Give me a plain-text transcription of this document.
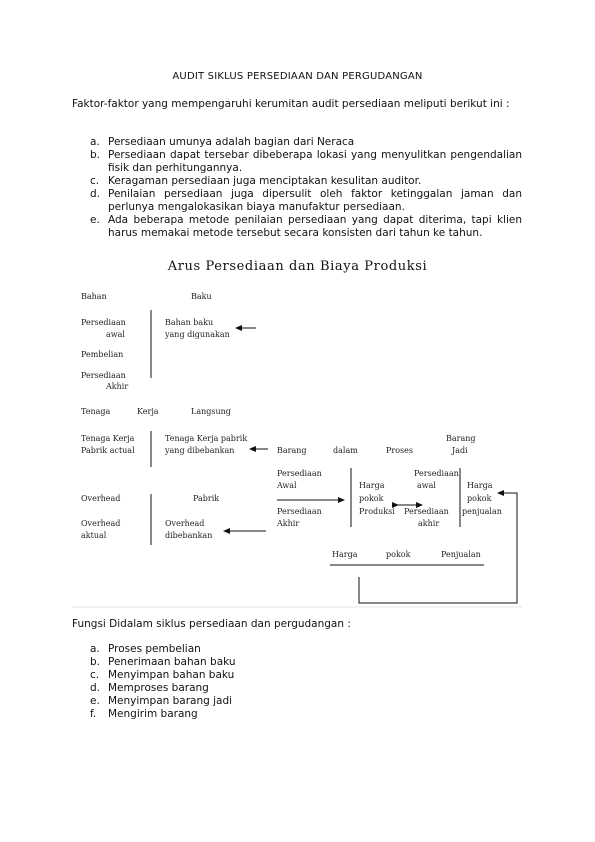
AUDIT SIKLUS PERSEDIAAN DAN PERGUDANGAN
Faktor-faktor yang mempengaruhi kerumitan audit persediaan meliputi berikut ini :
a. Persediaan umunya adalah bagian dari Neraca
b. Persediaan dapat tersebar dibeberapa lokasi yang menyulitkan pengendalian fisik dan perhitungannya.
c. Keragaman persediaan juga menciptakan kesulitan auditor.
d. Penilaian persediaan juga dipersulit oleh faktor ketinggalan jaman dan perlunya mengalokasikan biaya manufaktur persediaan.
e. Ada beberapa metode penilaian persediaan yang dapat diterima, tapi klien harus memakai metode tersebut secara konsisten dari tahun ke tahun.
Arus Persediaan dan Biaya Produksi
Bahan	Baku
Persediaan
awal
Bahan baku
yang digunakan
Pembelian
Persediaan
Akhir
Tenaga	Kerja	Langsung
Tenaga Kerja
Pabrik actual
Tenaga Kerja pabrik
yang dibebankan	Barang	dalam	Proses
Barang
Jadi
Persediaan
Awal	Harga
pokok
Produksi
Persediaan
awal	Harga
pokok
penjualan
Overhead	Pabrik
Persediaan
Akhir
Persediaan
akhir
Overhead
aktual
Overhead
dibebankan
Harga	pokok	Penjualan
Fungsi Didalam siklus persediaan dan pergudangan :
a. Proses pembelian
b. Penerimaan bahan baku
c. Menyimpan bahan baku
d. Memproses barang
e. Menyimpan barang jadi
f. Mengirim barang
